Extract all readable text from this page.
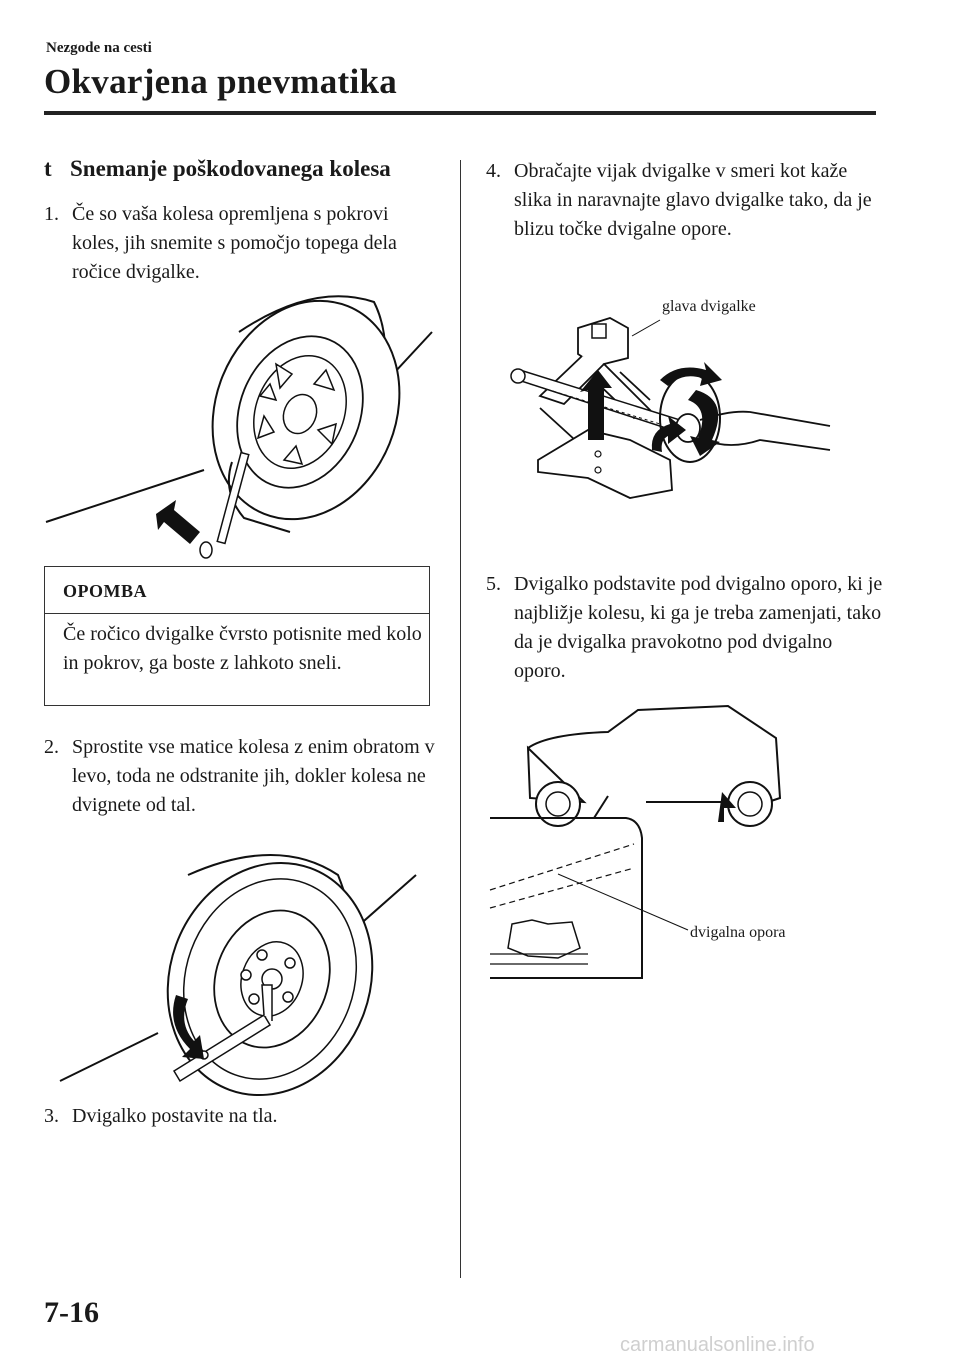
Nezgode na cesti
Okvarjena pnevmatika
t Snemanje poškodovanega kolesa
1. Če so vaša kolesa opremljena s pokrovi koles, jih snemite s pomočjo topega dela ročice dvigalke.
OPOMBA
Če ročico dvigalke čvrsto potisnite med kolo in pokrov, ga boste z lahkoto sneli.
2. Sprostite vse matice kolesa z enim obratom v levo, toda ne odstranite jih, dokler kolesa ne dvignete od tal.
3. Dvigalko postavite na tla.
4. Obračajte vijak dvigalke v smeri kot kaže slika in naravnajte glavo dvigalke tako, da je blizu točke dvigalne opore.
glava dvigalke
5. Dvigalko podstavite pod dvigalno oporo, ki je najbližje kolesu, ki ga je treba zamenjati, tako da je dvigalka pravokotno pod dvigalno oporo.
dvigalna opora
7-16
carmanualsonline.info
